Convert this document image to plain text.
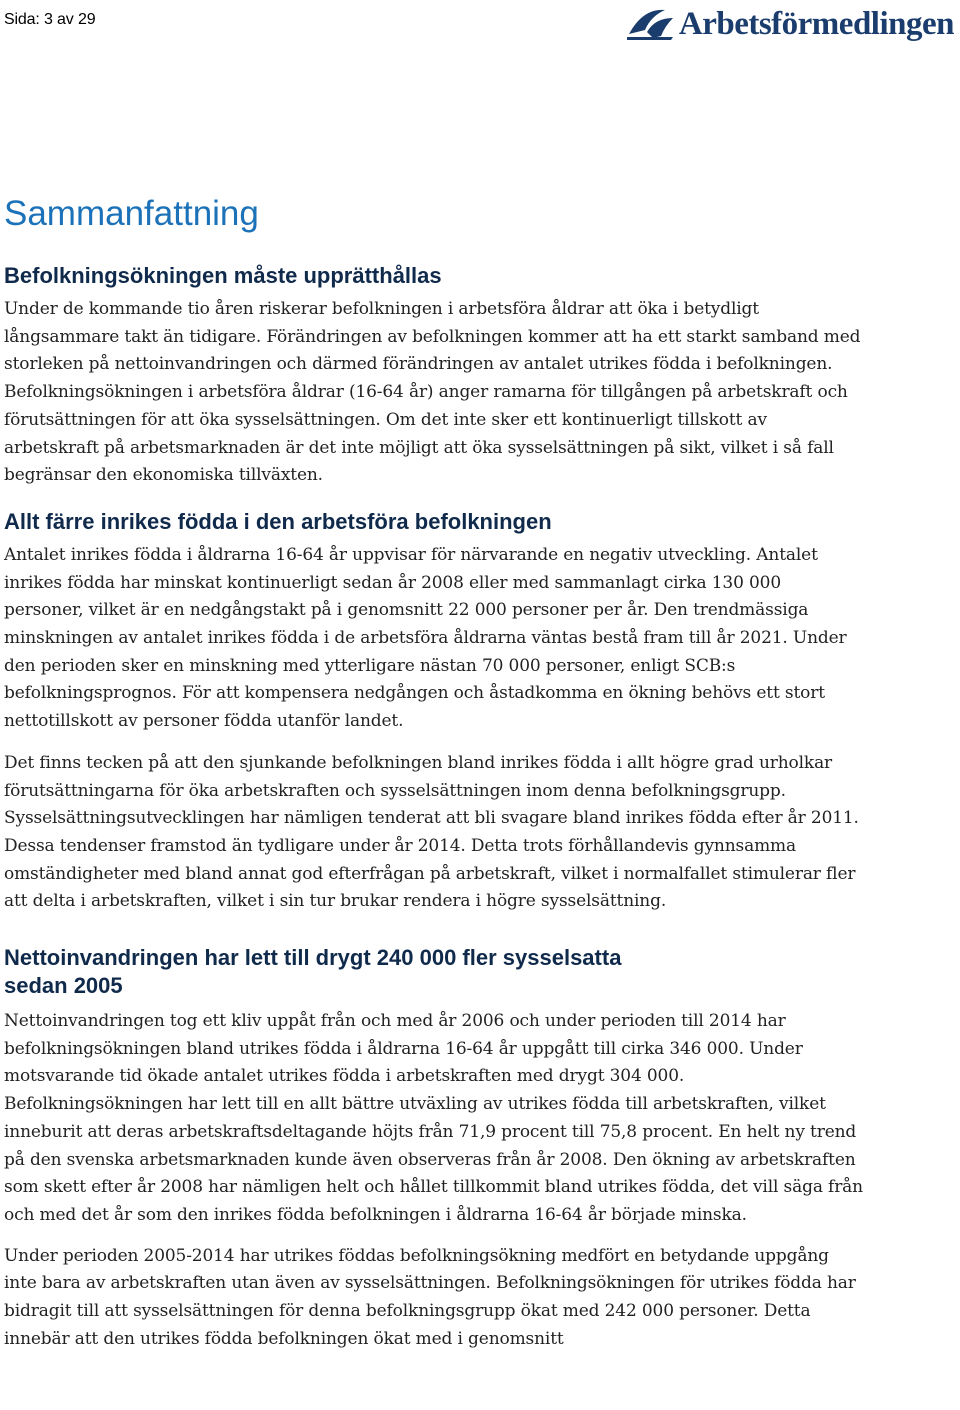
Sida: 3 av 29	Arbetsförmedlingen
Sammanfattning
Befolkningsökningen måste upprätthållas

Under de kommande tio åren riskerar befolkningen i arbetsföra åldrar att öka i betydligt långsammare takt än tidigare. Förändringen av befolkningen kommer att ha ett starkt samband med storleken på nettoinvandringen och därmed förändringen av antalet utrikes födda i befolkningen. Befolkningsökningen i arbetsföra åldrar (16-64 år) anger ramarna för tillgången på arbetskraft och förutsättningen för att öka sysselsättningen. Om det inte sker ett kontinuerligt tillskott av arbetskraft på arbetsmarknaden är det inte möjligt att öka sysselsättningen på sikt, vilket i så fall begränsar den ekonomiska tillväxten.

Allt färre inrikes födda i den arbetsföra befolkningen

Antalet inrikes födda i åldrarna 16-64 år uppvisar för närvarande en negativ utveckling. Antalet inrikes födda har minskat kontinuerligt sedan år 2008 eller med sammanlagt cirka 130 000 personer, vilket är en nedgångstakt på i genomsnitt 22 000 personer per år. Den trendmässiga minskningen av antalet inrikes födda i de arbetsföra åldrarna väntas bestå fram till år 2021. Under den perioden sker en minskning med ytterligare nästan 70 000 personer, enligt SCB:s befolkningsprognos. För att kompensera nedgången och åstadkomma en ökning behövs ett stort nettotillskott av personer födda utanför landet.

Det finns tecken på att den sjunkande befolkningen bland inrikes födda i allt högre grad urholkar förutsättningarna för öka arbetskraften och sysselsättningen inom denna befolkningsgrupp. Sysselsättningsutvecklingen har nämligen tenderat att bli svagare bland inrikes födda efter år 2011. Dessa tendenser framstod än tydligare under år 2014. Detta trots förhållandevis gynnsamma omständigheter med bland annat god efterfrågan på arbetskraft, vilket i normalfallet stimulerar fler att delta i arbetskraften, vilket i sin tur brukar rendera i högre sysselsättning.

Nettoinvandringen har lett till drygt 240 000 fler sysselsatta
sedan 2005

Nettoinvandringen tog ett kliv uppåt från och med år 2006 och under perioden till 2014 har befolkningsökningen bland utrikes födda i åldrarna 16-64 år uppgått till cirka 346 000. Under motsvarande tid ökade antalet utrikes födda i arbetskraften med drygt 304 000. Befolkningsökningen har lett till en allt bättre utväxling av utrikes födda till arbetskraften, vilket inneburit att deras arbetskraftsdeltagande höjts från 71,9 procent till 75,8 procent. En helt ny trend på den svenska arbetsmarknaden kunde även observeras från år 2008. Den ökning av arbetskraften som skett efter år 2008 har nämligen helt och hållet tillkommit bland utrikes födda, det vill säga från och med det år som den inrikes födda befolkningen i åldrarna 16-64 år började minska.

Under perioden 2005-2014 har utrikes föddas befolkningsökning medfört en betydande uppgång inte bara av arbetskraften utan även av sysselsättningen. Befolkningsökningen för utrikes födda har bidragit till att sysselsättningen för denna befolkningsgrupp ökat med 242 000 personer. Detta innebär att den utrikes födda befolkningen ökat med i genomsnitt
